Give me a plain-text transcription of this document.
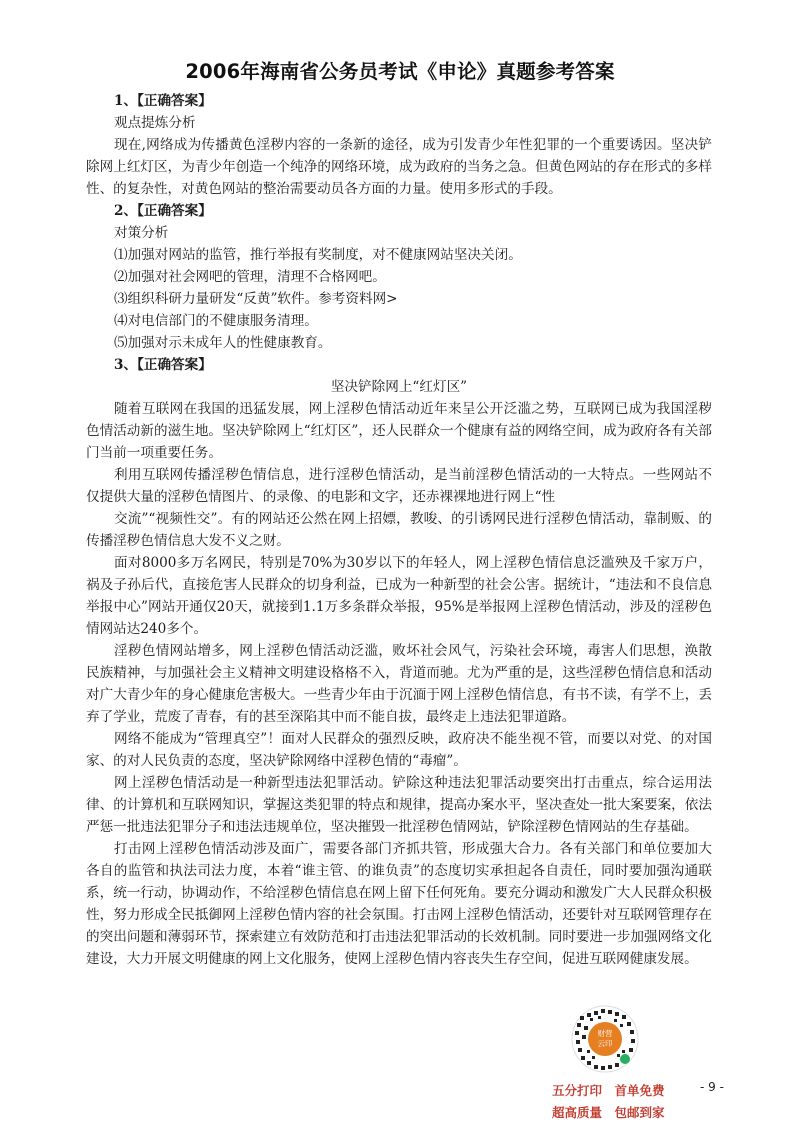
2006年海南省公务员考试《申论》真题参考答案

1、【正确答案】

观点提炼分析

现在,网络成为传播黄色淫秽内容的一条新的途径，成为引发青少年性犯罪的一个重要诱因。坚决铲除网上红灯区，为青少年创造一个纯净的网络环境，成为政府的当务之急。但黄色网站的存在形式的多样性、的复杂性，对黄色网站的整治需要动员各方面的力量。使用多形式的手段。

2、【正确答案】

对策分析

⑴加强对网站的监管，推行举报有奖制度，对不健康网站坚决关闭。

⑵加强对社会网吧的管理，清理不合格网吧。

⑶组织科研力量研发“反黄”软件。参考资料网>

⑷对电信部门的不健康服务清理。

⑸加强对示未成年人的性健康教育。

3、【正确答案】

坚决铲除网上“红灯区”

随着互联网在我国的迅猛发展，网上淫秽色情活动近年来呈公开泛滥之势，互联网已成为我国淫秽色情活动新的滋生地。坚决铲除网上“红灯区”，还人民群众一个健康有益的网络空间，成为政府各有关部门当前一项重要任务。

利用互联网传播淫秽色情信息，进行淫秽色情活动，是当前淫秽色情活动的一大特点。一些网站不仅提供大量的淫秽色情图片、的录像、的电影和文字，还赤裸裸地进行网上“性

交流”“视频性交”。有的网站还公然在网上招嫖，教唆、的引诱网民进行淫秽色情活动，靠制贩、的传播淫秽色情信息大发不义之财。

面对8000多万名网民，特别是70%为30岁以下的年轻人，网上淫秽色情信息泛滥殃及千家万户，祸及子孙后代，直接危害人民群众的切身利益，已成为一种新型的社会公害。据统计，“违法和不良信息举报中心”网站开通仅20天，就接到1.1万多条群众举报，95%是举报网上淫秽色情活动，涉及的淫秽色情网站达240多个。

淫秽色情网站增多，网上淫秽色情活动泛滥，败坏社会风气，污染社会环境，毒害人们思想，涣散民族精神，与加强社会主义精神文明建设格格不入，背道而驰。尤为严重的是，这些淫秽色情信息和活动对广大青少年的身心健康危害极大。一些青少年由于沉湎于网上淫秽色情信息，有书不读，有学不上，丢弃了学业，荒废了青春，有的甚至深陷其中而不能自拔，最终走上违法犯罪道路。

网络不能成为“管理真空”！面对人民群众的强烈反映，政府决不能坐视不管，而要以对党、的对国家、的对人民负责的态度，坚决铲除网络中淫秽色情的“毒瘤”。

网上淫秽色情活动是一种新型违法犯罪活动。铲除这种违法犯罪活动要突出打击重点，综合运用法律、的计算机和互联网知识，掌握这类犯罪的特点和规律，提高办案水平，坚决查处一批大案要案，依法严惩一批违法犯罪分子和违法违规单位，坚决摧毁一批淫秽色情网站，铲除淫秽色情网站的生存基础。

打击网上淫秽色情活动涉及面广，需要各部门齐抓共管，形成强大合力。各有关部门和单位要加大各自的监管和执法司法力度，本着“谁主管、的谁负责”的态度切实承担起各自责任，同时要加强沟通联系，统一行动，协调动作，不给淫秽色情信息在网上留下任何死角。要充分调动和激发广大人民群众积极性，努力形成全民抵御网上淫秽色情内容的社会氛围。打击网上淫秽色情活动，还要针对互联网管理存在的突出问题和薄弱环节，探索建立有效防范和打击违法犯罪活动的长效机制。同时要进一步加强网络文化建设，大力开展文明健康的网上文化服务，使网上淫秽色情内容丧失生存空间，促进互联网健康发展。

财营
云印
五分打印　首单免费
超高质量　包邮到家
- 9 -
